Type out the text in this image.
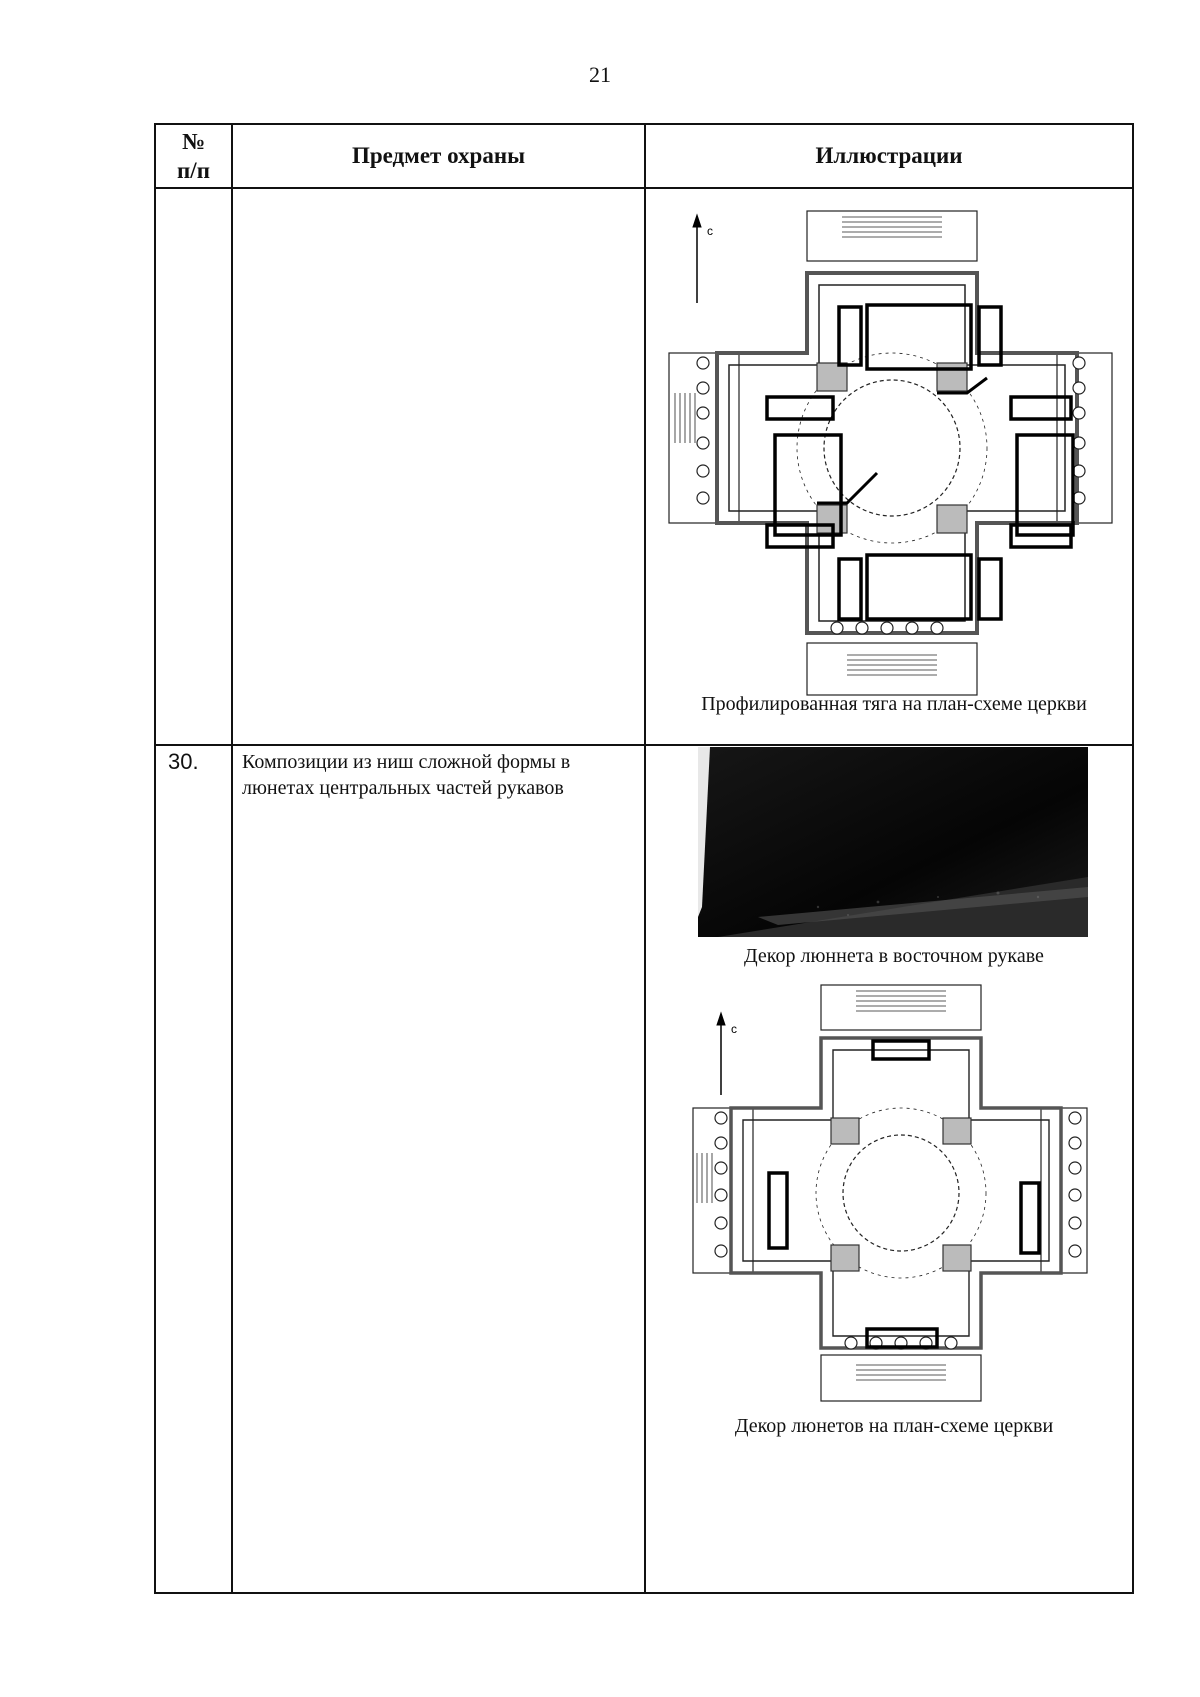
21
№
п/п
Предмет охраны	Иллюстрации
с
Профилированная тяга на план-схеме церкви
30.	Композиции из ниш сложной формы в люнетах центральных частей рукавов
Декор люннета в восточном рукаве
с
Декор люнетов на план-схеме церкви
